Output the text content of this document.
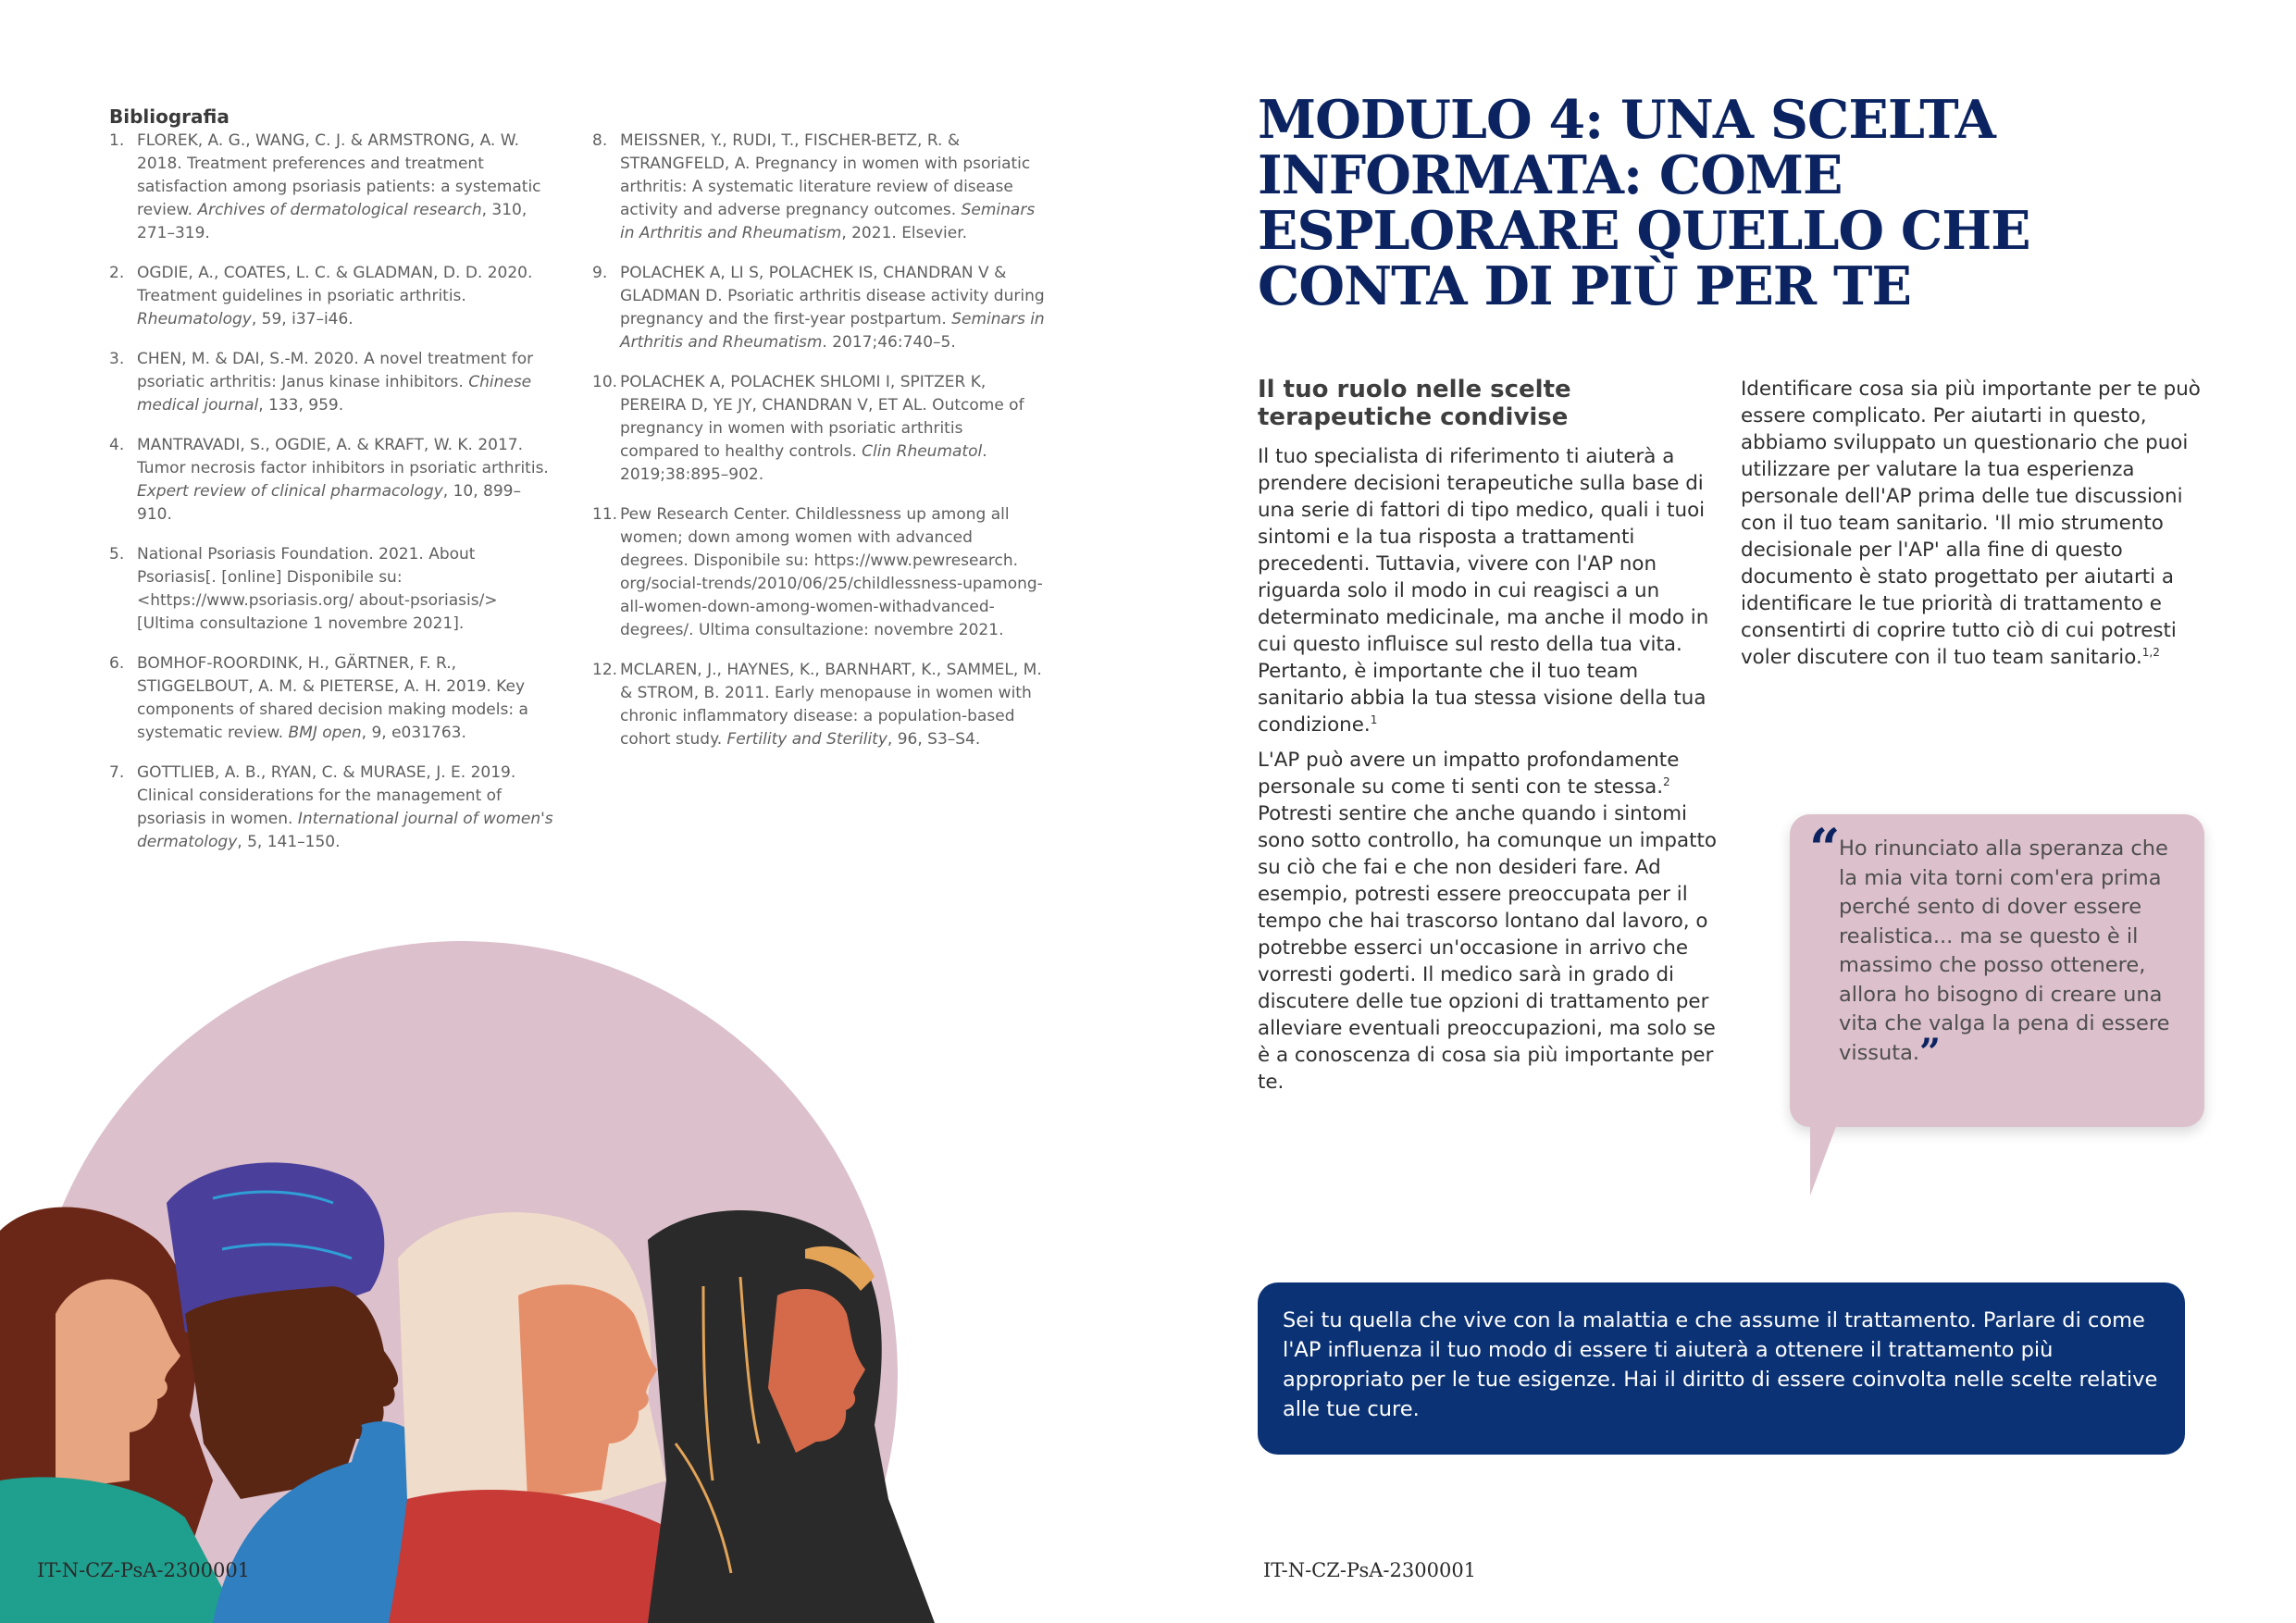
Bibliografia

1. FLOREK, A. G., WANG, C. J. & ARMSTRONG, A. W. 2018. Treatment preferences and treatment satisfaction among psoriasis patients: a systematic review. Archives of dermatological research, 310, 271–319.
2. OGDIE, A., COATES, L. C. & GLADMAN, D. D. 2020. Treatment guidelines in psoriatic arthritis. Rheumatology, 59, i37–i46.
3. CHEN, M. & DAI, S.-M. 2020. A novel treatment for psoriatic arthritis: Janus kinase inhibitors. Chinese medical journal, 133, 959.
4. MANTRAVADI, S., OGDIE, A. & KRAFT, W. K. 2017. Tumor necrosis factor inhibitors in psoriatic arthritis. Expert review of clinical pharmacology, 10, 899–910.
5. National Psoriasis Foundation. 2021. About Psoriasis[. [online] Disponibile su: <https://www.psoriasis.org/ about-psoriasis/> [Ultima consultazione 1 novembre 2021].
6. BOMHOF-ROORDINK, H., GÄRTNER, F. R., STIGGELBOUT, A. M. & PIETERSE, A. H. 2019. Key components of shared decision making models: a systematic review. BMJ open, 9, e031763.
7. GOTTLIEB, A. B., RYAN, C. & MURASE, J. E. 2019. Clinical considerations for the management of psoriasis in women. International journal of women's dermatology, 5, 141–150.
8. MEISSNER, Y., RUDI, T., FISCHER-BETZ, R. & STRANGFELD, A. Pregnancy in women with psoriatic arthritis: A systematic literature review of disease activity and adverse pregnancy outcomes. Seminars in Arthritis and Rheumatism, 2021. Elsevier.
9. POLACHEK A, LI S, POLACHEK IS, CHANDRAN V & GLADMAN D. Psoriatic arthritis disease activity during pregnancy and the first-year postpartum. Seminars in Arthritis and Rheumatism. 2017;46:740–5.
10. POLACHEK A, POLACHEK SHLOMI I, SPITZER K, PEREIRA D, YE JY, CHANDRAN V, ET AL. Outcome of pregnancy in women with psoriatic arthritis compared to healthy controls. Clin Rheumatol. 2019;38:895–902.
11. Pew Research Center. Childlessness up among all women; down among women with advanced degrees. Disponibile su: https://www.pewresearch. org/social-trends/2010/06/25/childlessness-upamong-all-women-down-among-women-withadvanced-degrees/. Ultima consultazione: novembre 2021.
12. MCLAREN, J., HAYNES, K., BARNHART, K., SAMMEL, M. & STROM, B. 2011. Early menopause in women with chronic inflammatory disease: a population-based cohort study. Fertility and Sterility, 96, S3–S4.
IT-N-CZ-PsA-2300001
MODULO 4: UNA SCELTA INFORMATA: COME ESPLORARE QUELLO CHE CONTA DI PIÙ PER TE
Il tuo ruolo nelle scelte terapeutiche condivise

Il tuo specialista di riferimento ti aiuterà a prendere decisioni terapeutiche sulla base di una serie di fattori di tipo medico, quali i tuoi sintomi e la tua risposta a trattamenti precedenti. Tuttavia, vivere con l'AP non riguarda solo il modo in cui reagisci a un determinato medicinale, ma anche il modo in cui questo influisce sul resto della tua vita. Pertanto, è importante che il tuo team sanitario abbia la tua stessa visione della tua condizione.$^1$

L'AP può avere un impatto profondamente personale su come ti senti con te stessa.$^2$ Potresti sentire che anche quando i sintomi sono sotto controllo, ha comunque un impatto su ciò che fai e che non desideri fare. Ad esempio, potresti essere preoccupata per il tempo che hai trascorso lontano dal lavoro, o potrebbe esserci un'occasione in arrivo che vorresti goderti. Il medico sarà in grado di discutere delle tue opzioni di trattamento per alleviare eventuali preoccupazioni, ma solo se è a conoscenza di cosa sia più importante per te.

Identificare cosa sia più importante per te può essere complicato. Per aiutarti in questo, abbiamo sviluppato un questionario che puoi utilizzare per valutare la tua esperienza personale dell'AP prima delle tue discussioni con il tuo team sanitario. 'Il mio strumento decisionale per l'AP' alla fine di questo documento è stato progettato per aiutarti a identificare le tue priorità di trattamento e consentirti di coprire tutto ciò di cui potresti voler discutere con il tuo team sanitario.$^{1,2}$

“

Ho rinunciato alla speranza che la mia vita torni com'era prima perché sento di dover essere realistica... ma se questo è il massimo che posso ottenere, allora ho bisogno di creare una vita che valga la pena di essere vissuta.”

Sei tu quella che vive con la malattia e che assume il trattamento. Parlare di come l'AP influenza il tuo modo di essere ti aiuterà a ottenere il trattamento più appropriato per le tue esigenze. Hai il diritto di essere coinvolta nelle scelte relative alle tue cure.

IT-N-CZ-PsA-2300001
